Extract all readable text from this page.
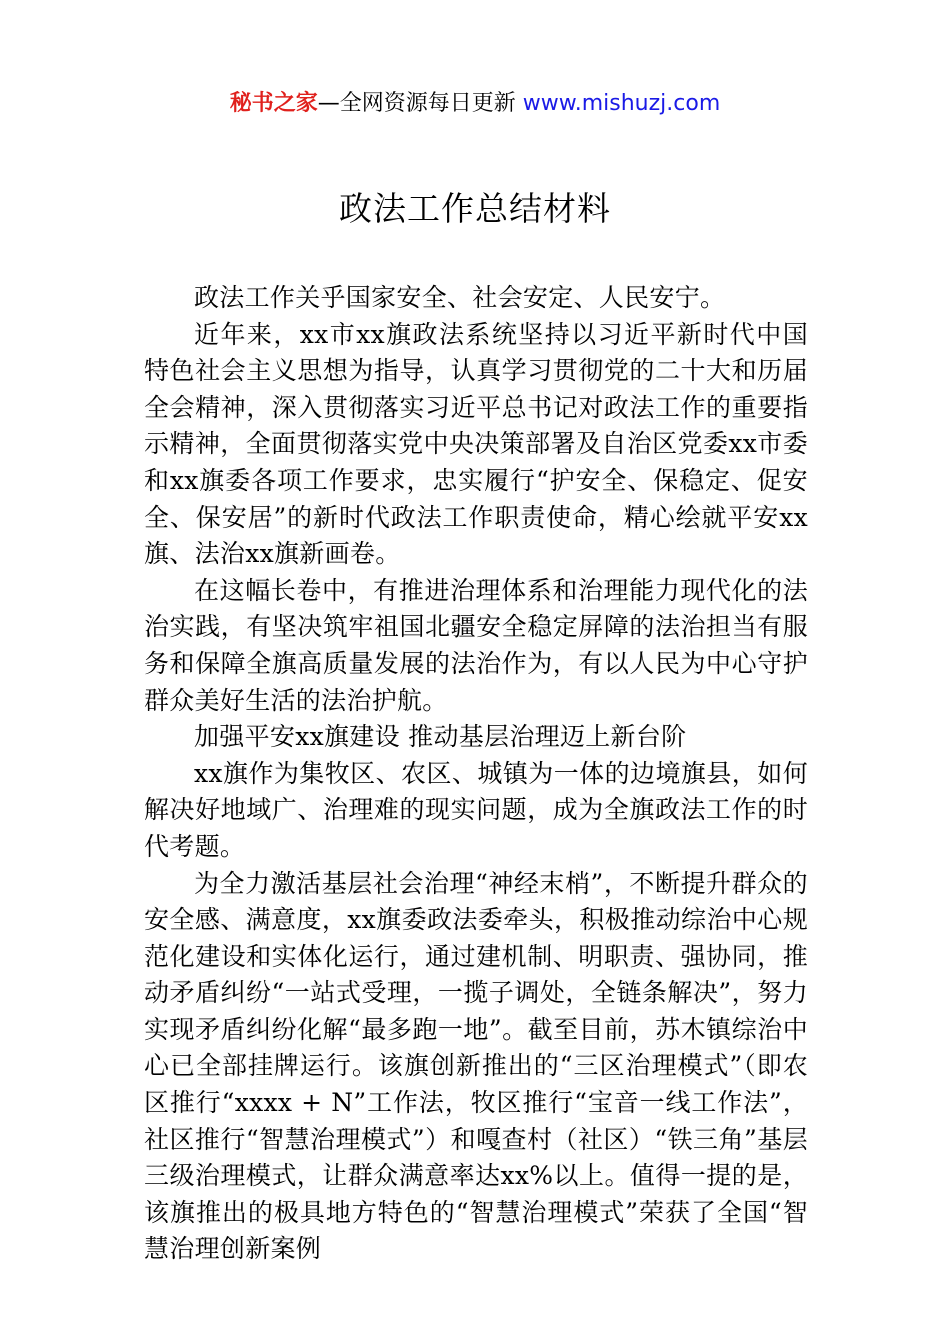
秘书之家—全网资源每日更新 www.mishuzj.com
政法工作总结材料

政法工作关乎国家安全、社会安定、人民安宁。

近年来，xx市xx旗政法系统坚持以习近平新时代中国特色社会主义思想为指导，认真学习贯彻党的二十大和历届全会精神，深入贯彻落实习近平总书记对政法工作的重要指示精神，全面贯彻落实党中央决策部署及自治区党委xx市委和xx旗委各项工作要求，忠实履行“护安全、保稳定、促安全、保安居”的新时代政法工作职责使命，精心绘就平安xx旗、法治xx旗新画卷。

在这幅长卷中，有推进治理体系和治理能力现代化的法治实践，有坚决筑牢祖国北疆安全稳定屏障的法治担当有服务和保障全旗高质量发展的法治作为，有以人民为中心守护群众美好生活的法治护航。

加强平安xx旗建设 推动基层治理迈上新台阶

xx旗作为集牧区、农区、城镇为一体的边境旗县，如何解决好地域广、治理难的现实问题，成为全旗政法工作的时代考题。

为全力激活基层社会治理“神经末梢”，不断提升群众的安全感、满意度，xx旗委政法委牵头，积极推动综治中心规范化建设和实体化运行，通过建机制、明职责、强协同，推动矛盾纠纷“一站式受理，一揽子调处，全链条解决”，努力实现矛盾纠纷化解“最多跑一地”。截至目前，苏木镇综治中心已全部挂牌运行。该旗创新推出的“三区治理模式”（即农区推行“xxxx + N”工作法，牧区推行“宝音一线工作法”，社区推行“智慧治理模式”）和嘎查村（社区）“铁三角”基层三级治理模式，让群众满意率达xx%以上。值得一提的是，该旗推出的极具地方特色的“智慧治理模式”荣获了全国“智慧治理创新案例
